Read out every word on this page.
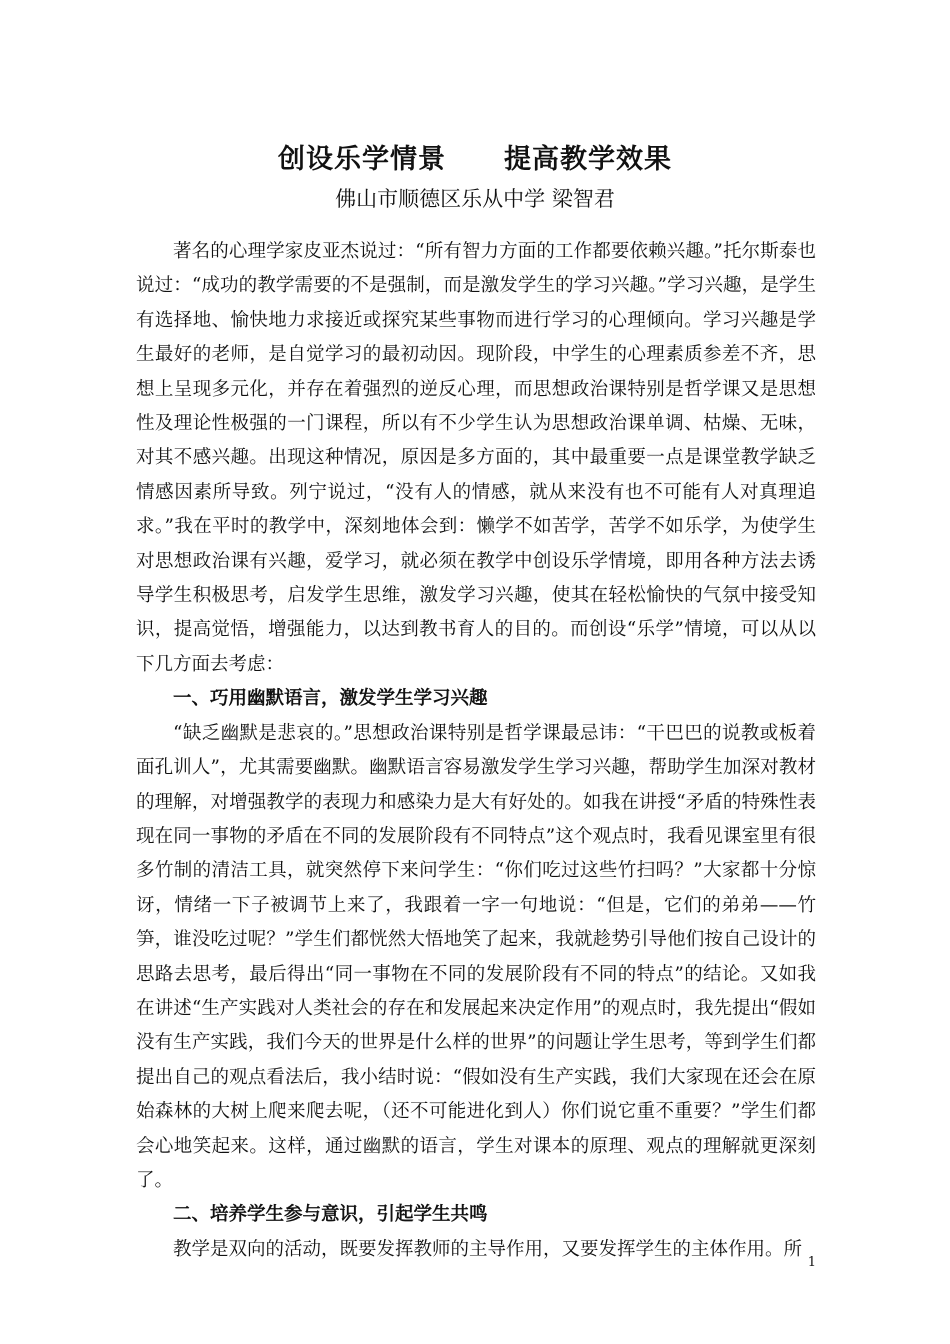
创设乐学情景 提高教学效果
佛山市顺德区乐从中学 梁智君

著名的心理学家皮亚杰说过：“所有智力方面的工作都要依赖兴趣。”托尔斯泰也说过：“成功的教学需要的不是强制，而是激发学生的学习兴趣。”学习兴趣，是学生有选择地、愉快地力求接近或探究某些事物而进行学习的心理倾向。学习兴趣是学生最好的老师，是自觉学习的最初动因。现阶段，中学生的心理素质参差不齐，思想上呈现多元化，并存在着强烈的逆反心理，而思想政治课特别是哲学课又是思想性及理论性极强的一门课程，所以有不少学生认为思想政治课单调、枯燥、无味，对其不感兴趣。出现这种情况，原因是多方面的，其中最重要一点是课堂教学缺乏情感因素所导致。列宁说过，“没有人的情感，就从来没有也不可能有人对真理追求。”我在平时的教学中，深刻地体会到：懒学不如苦学，苦学不如乐学，为使学生对思想政治课有兴趣，爱学习，就必须在教学中创设乐学情境，即用各种方法去诱导学生积极思考，启发学生思维，激发学习兴趣，使其在轻松愉快的气氛中接受知识，提高觉悟，增强能力，以达到教书育人的目的。而创设“乐学”情境，可以从以下几方面去考虑：

一、巧用幽默语言，激发学生学习兴趣

“缺乏幽默是悲哀的。”思想政治课特别是哲学课最忌讳：“干巴巴的说教或板着面孔训人”，尤其需要幽默。幽默语言容易激发学生学习兴趣，帮助学生加深对教材的理解，对增强教学的表现力和感染力是大有好处的。如我在讲授“矛盾的特殊性表现在同一事物的矛盾在不同的发展阶段有不同特点”这个观点时，我看见课室里有很多竹制的清洁工具，就突然停下来问学生：“你们吃过这些竹扫吗？”大家都十分惊讶，情绪一下子被调节上来了，我跟着一字一句地说：“但是，它们的弟弟——竹笋，谁没吃过呢？”学生们都恍然大悟地笑了起来，我就趁势引导他们按自己设计的思路去思考，最后得出“同一事物在不同的发展阶段有不同的特点”的结论。又如我在讲述“生产实践对人类社会的存在和发展起来决定作用”的观点时，我先提出“假如没有生产实践，我们今天的世界是什么样的世界”的问题让学生思考，等到学生们都提出自己的观点看法后，我小结时说：“假如没有生产实践，我们大家现在还会在原始森林的大树上爬来爬去呢，（还不可能进化到人）你们说它重不重要？”学生们都会心地笑起来。这样，通过幽默的语言，学生对课本的原理、观点的理解就更深刻了。

二、培养学生参与意识，引起学生共鸣

教学是双向的活动，既要发挥教师的主导作用，又要发挥学生的主体作用。所

1
